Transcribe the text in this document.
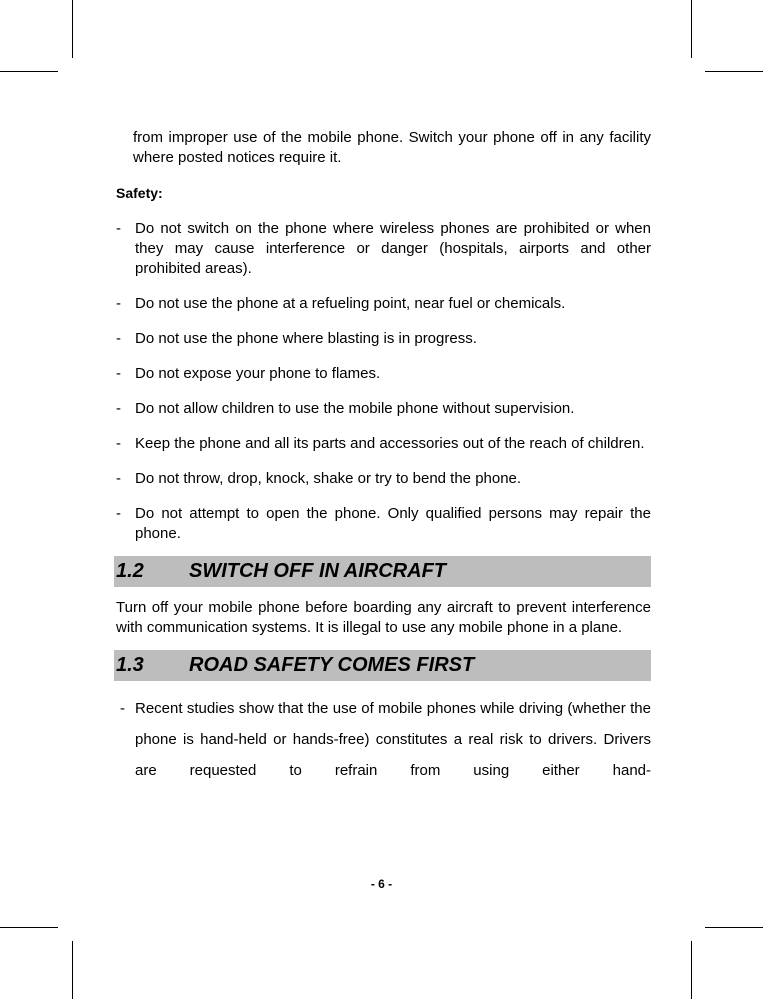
from improper use of the mobile phone. Switch your phone off in any facility where posted notices require it.
Safety:
- Do not switch on the phone where wireless phones are prohibited or when they may cause interference or danger (hospitals, airports and other prohibited areas).
- Do not use the phone at a refueling point, near fuel or chemicals.
- Do not use the phone where blasting is in progress.
- Do not expose your phone to flames.
- Do not allow children to use the mobile phone without supervision.
- Keep the phone and all its parts and accessories out of the reach of children.
- Do not throw, drop, knock, shake or try to bend the phone.
- Do not attempt to open the phone. Only qualified persons may repair the phone.
1.2 SWITCH OFF IN AIRCRAFT
Turn off your mobile phone before boarding any aircraft to prevent interference with communication systems. It is illegal to use any mobile phone in a plane.
1.3 ROAD SAFETY COMES FIRST
- Recent studies show that the use of mobile phones while driving (whether the phone is hand-held or hands-free) constitutes a real risk to drivers. Drivers are requested to refrain from using either hand-
- 6 -
